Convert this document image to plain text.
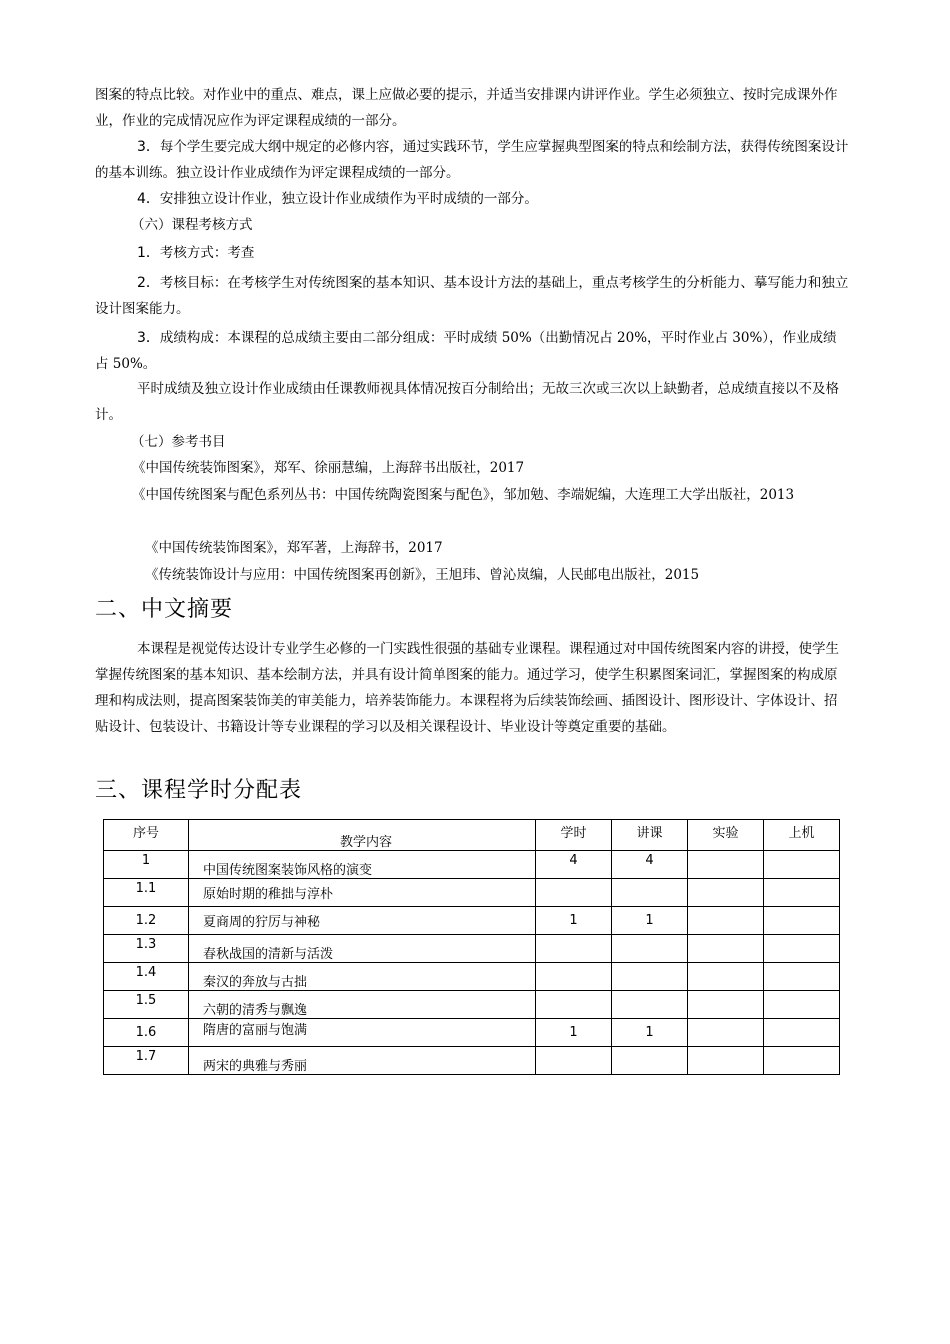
图案的特点比较。对作业中的重点、难点，课上应做必要的提示，并适当安排课内讲评作业。学生必须独立、按时完成课外作业，作业的完成情况应作为评定课程成绩的一部分。

3．每个学生要完成大纲中规定的必修内容，通过实践环节，学生应掌握典型图案的特点和绘制方法，获得传统图案设计的基本训练。独立设计作业成绩作为评定课程成绩的一部分。

4．安排独立设计作业，独立设计作业成绩作为平时成绩的一部分。

（六）课程考核方式

1．考核方式：考查

2．考核目标：在考核学生对传统图案的基本知识、基本设计方法的基础上，重点考核学生的分析能力、摹写能力和独立设计图案能力。

3．成绩构成：本课程的总成绩主要由二部分组成：平时成绩 50%（出勤情况占 20%，平时作业占 30%），作业成绩占 50%。

平时成绩及独立设计作业成绩由任课教师视具体情况按百分制给出；无故三次或三次以上缺勤者，总成绩直接以不及格计。

（七）参考书目

《中国传统装饰图案》，郑军、徐丽慧编，上海辞书出版社，2017

《中国传统图案与配色系列丛书：中国传统陶瓷图案与配色》，邹加勉、李端妮编，大连理工大学出版社，2013

《中国传统装饰图案》，郑军著，上海辞书，2017

《传统装饰设计与应用：中国传统图案再创新》，王旭玮、曾沁岚编，人民邮电出版社，2015

二、中文摘要

本课程是视觉传达设计专业学生必修的一门实践性很强的基础专业课程。课程通过对中国传统图案内容的讲授，使学生掌握传统图案的基本知识、基本绘制方法，并具有设计简单图案的能力。通过学习，使学生积累图案词汇，掌握图案的构成原理和构成法则，提高图案装饰美的审美能力，培养装饰能力。本课程将为后续装饰绘画、插图设计、图形设计、字体设计、招贴设计、包装设计、书籍设计等专业课程的学习以及相关课程设计、毕业设计等奠定重要的基础。

三、课程学时分配表
序号	教学内容	学时	讲课	实验	上机
1	中国传统图案装饰风格的演变	4	4		
1.1	原始时期的稚拙与淳朴				
1.2	夏商周的狞厉与神秘	1	1		
1.3	春秋战国的清新与活泼				
1.4	秦汉的奔放与古拙				
1.5	六朝的清秀与飘逸				
1.6	隋唐的富丽与饱满	1	1		
1.7	两宋的典雅与秀丽				
